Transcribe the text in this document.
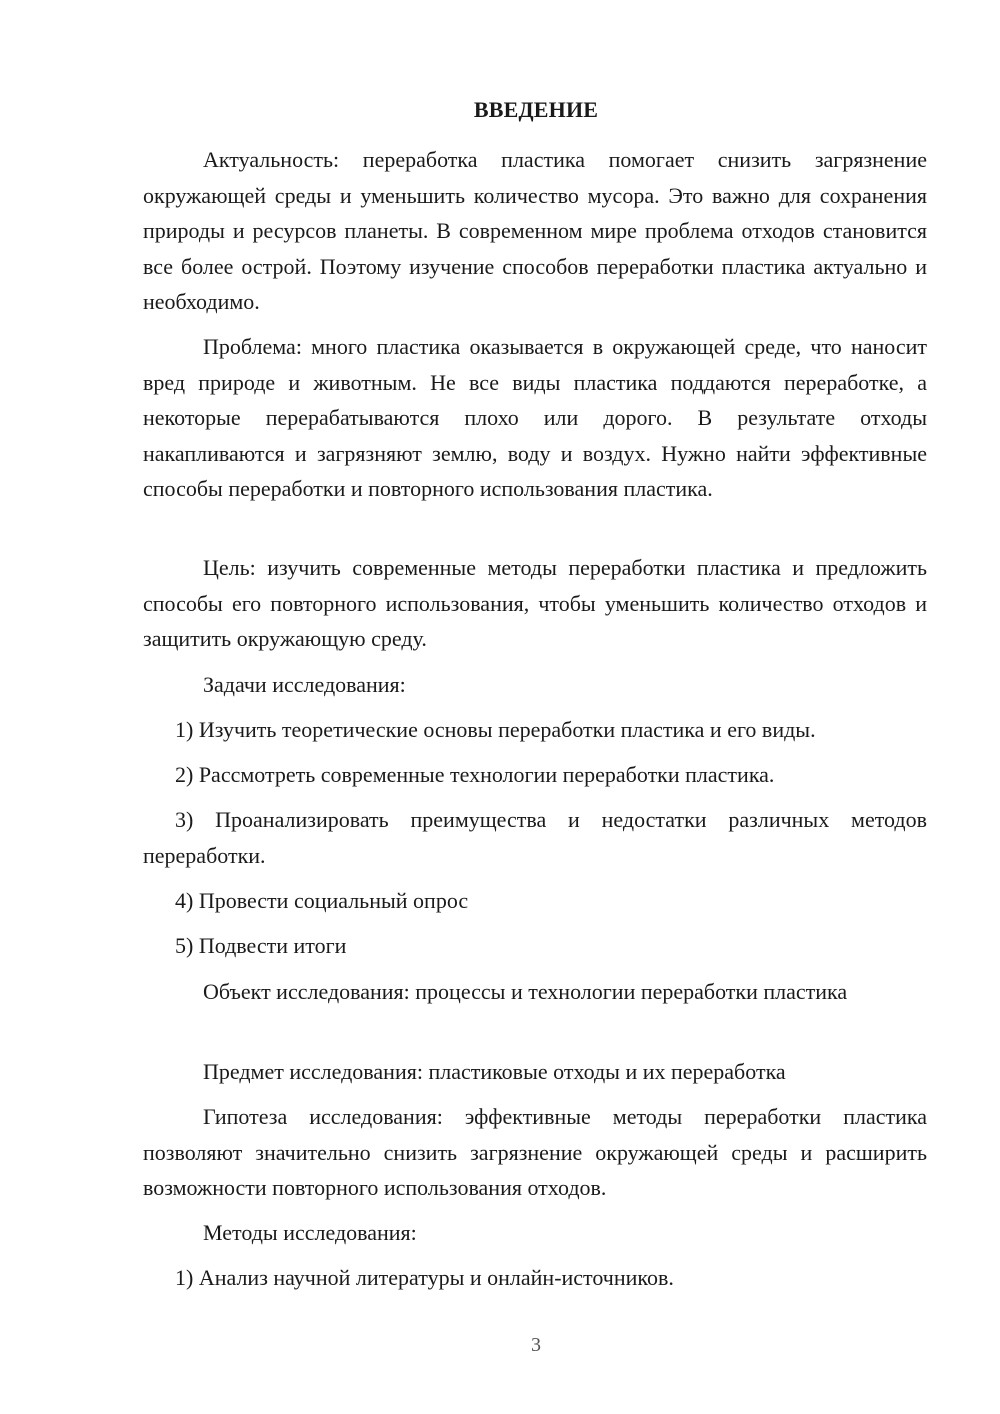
ВВЕДЕНИЕ

Актуальность: переработка пластика помогает снизить загрязнение окружающей среды и уменьшить количество мусора. Это важно для сохранения природы и ресурсов планеты. В современном мире проблема отходов становится все более острой. Поэтому изучение способов переработки пластика актуально и необходимо.

Проблема: много пластика оказывается в окружающей среде, что наносит вред природе и животным. Не все виды пластика поддаются переработке, а некоторые перерабатываются плохо или дорого. В результате отходы накапливаются и загрязняют землю, воду и воздух. Нужно найти эффективные способы переработки и повторного использования пластика.

Цель: изучить современные методы переработки пластика и предложить способы его повторного использования, чтобы уменьшить количество отходов и защитить окружающую среду.

Задачи исследования:

1) Изучить теоретические основы переработки пластика и его виды.

2) Рассмотреть современные технологии переработки пластика.

3) Проанализировать преимущества и недостатки различных методов переработки.

4) Провести социальный опрос

5) Подвести итоги

Объект исследования: процессы и технологии переработки пластика

Предмет исследования: пластиковые отходы и их переработка

Гипотеза исследования: эффективные методы переработки пластика позволяют значительно снизить загрязнение окружающей среды и расширить возможности повторного использования отходов.

Методы исследования:

1) Анализ научной литературы и онлайн-источников.

3
